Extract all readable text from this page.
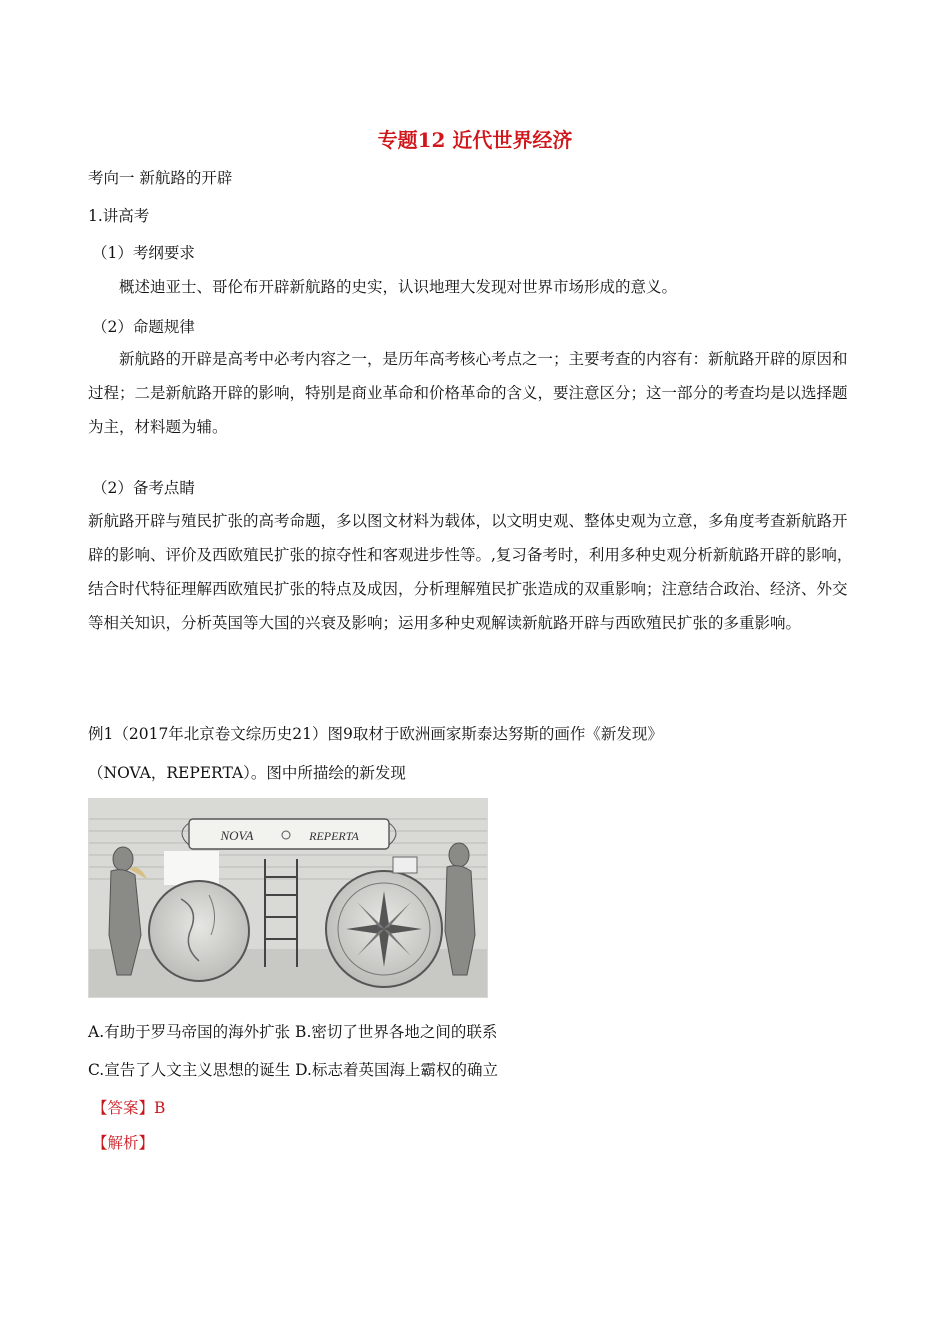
专题12 近代世界经济
考向一 新航路的开辟
1.讲高考
（1）考纲要求
概述迪亚士、哥伦布开辟新航路的史实，认识地理大发现对世界市场形成的意义。
（2）命题规律
新航路的开辟是高考中必考内容之一，是历年高考核心考点之一；主要考查的内容有：新航路开辟的原因和过程；二是新航路开辟的影响，特别是商业革命和价格革命的含义，要注意区分；这一部分的考查均是以选择题为主，材料题为辅。
（2）备考点睛
新航路开辟与殖民扩张的高考命题，多以图文材料为载体，以文明史观、整体史观为立意，多角度考查新航路开辟的影响、评价及西欧殖民扩张的掠夺性和客观进步性等。,复习备考时，利用多种史观分析新航路开辟的影响，结合时代特征理解西欧殖民扩张的特点及成因，分析理解殖民扩张造成的双重影响；注意结合政治、经济、外交等相关知识，分析英国等大国的兴衰及影响；运用多种史观解读新航路开辟与西欧殖民扩张的多重影响。
例1（2017年北京卷文综历史21）图9取材于欧洲画家斯泰达努斯的画作《新发现》
（NOVA，REPERTA）。图中所描绘的新发现
NOVA	REPERTA
A.有助于罗马帝国的海外扩张 B.密切了世界各地之间的联系
C.宣告了人文主义思想的诞生 D.标志着英国海上霸权的确立
【答案】B
【解析】
